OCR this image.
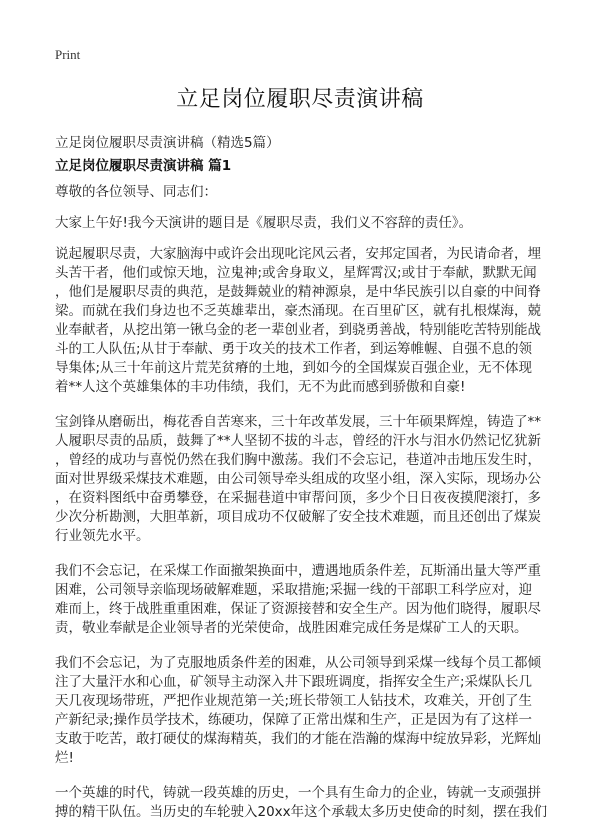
Print
立足岗位履职尽责演讲稿
立足岗位履职尽责演讲稿（精选5篇）
立足岗位履职尽责演讲稿 篇1
尊敬的各位领导、同志们：
大家上午好!我今天演讲的题目是《履职尽责，我们义不容辞的责任》。
说起履职尽责，大家脑海中或许会出现叱诧风云者，安邦定国者，为民请命者，埋
头苦干者，他们或惊天地，泣鬼神;或舍身取义，星辉霄汉;或甘于奉献，默默无闻
，他们是履职尽责的典范，是鼓舞兢业的精神源泉，是中华民族引以自豪的中间脊
梁。而就在我们身边也不乏英雄辈出，豪杰涌现。在百里矿区，就有扎根煤海，兢
业奉献者，从挖出第一锹乌金的老一辈创业者，到骁勇善战，特别能吃苦特别能战
斗的工人队伍;从甘于奉献、勇于攻关的技术工作者，到运筹帷幄、自强不息的领
导集体;从三十年前这片荒芜贫瘠的土地，到如今的全国煤炭百强企业，无不体现
着**人这个英雄集体的丰功伟绩，我们，无不为此而感到骄傲和自豪!
宝剑锋从磨砺出，梅花香自苦寒来，三十年改革发展，三十年硕果辉煌，铸造了**
人履职尽责的品质，鼓舞了**人坚韧不拔的斗志，曾经的汗水与泪水仍然记忆犹新
，曾经的成功与喜悦仍然在我们胸中激荡。我们不会忘记，巷道冲击地压发生时，
面对世界级采煤技术难题，由公司领导牵头组成的攻坚小组，深入实际，现场办公
，在资料图纸中奋勇攀登，在采掘巷道中审帮问顶，多少个日日夜夜摸爬滚打，多
少次分析勘测，大胆革新，项目成功不仅破解了安全技术难题，而且还创出了煤炭
行业领先水平。
我们不会忘记，在采煤工作面撤架换面中，遭遇地质条件差，瓦斯涌出量大等严重
困难，公司领导亲临现场破解难题，采取措施;采掘一线的干部职工科学应对，迎
难而上，终于战胜重重困难，保证了资源接替和安全生产。因为他们晓得，履职尽
责，敬业奉献是企业领导者的光荣使命，战胜困难完成任务是煤矿工人的天职。
我们不会忘记，为了克服地质条件差的困难，从公司领导到采煤一线每个员工都倾
注了大量汗水和心血，矿领导主动深入井下跟班调度，指挥安全生产;采煤队长几
天几夜现场带班，严把作业规范第一关;班长带领工人钻技术，攻难关，开创了生
产新纪录;操作员学技术，练硬功，保障了正常出煤和生产，正是因为有了这样一
支敢于吃苦，敢打硬仗的煤海精英，我们的才能在浩瀚的煤海中绽放异彩，光辉灿
烂!
一个英雄的时代，铸就一段英雄的历史，一个具有生命力的企业，铸就一支顽强拼
搏的精干队伍。当历史的车轮驶入20xx年这个承载太多历史使命的时刻，摆在我们
